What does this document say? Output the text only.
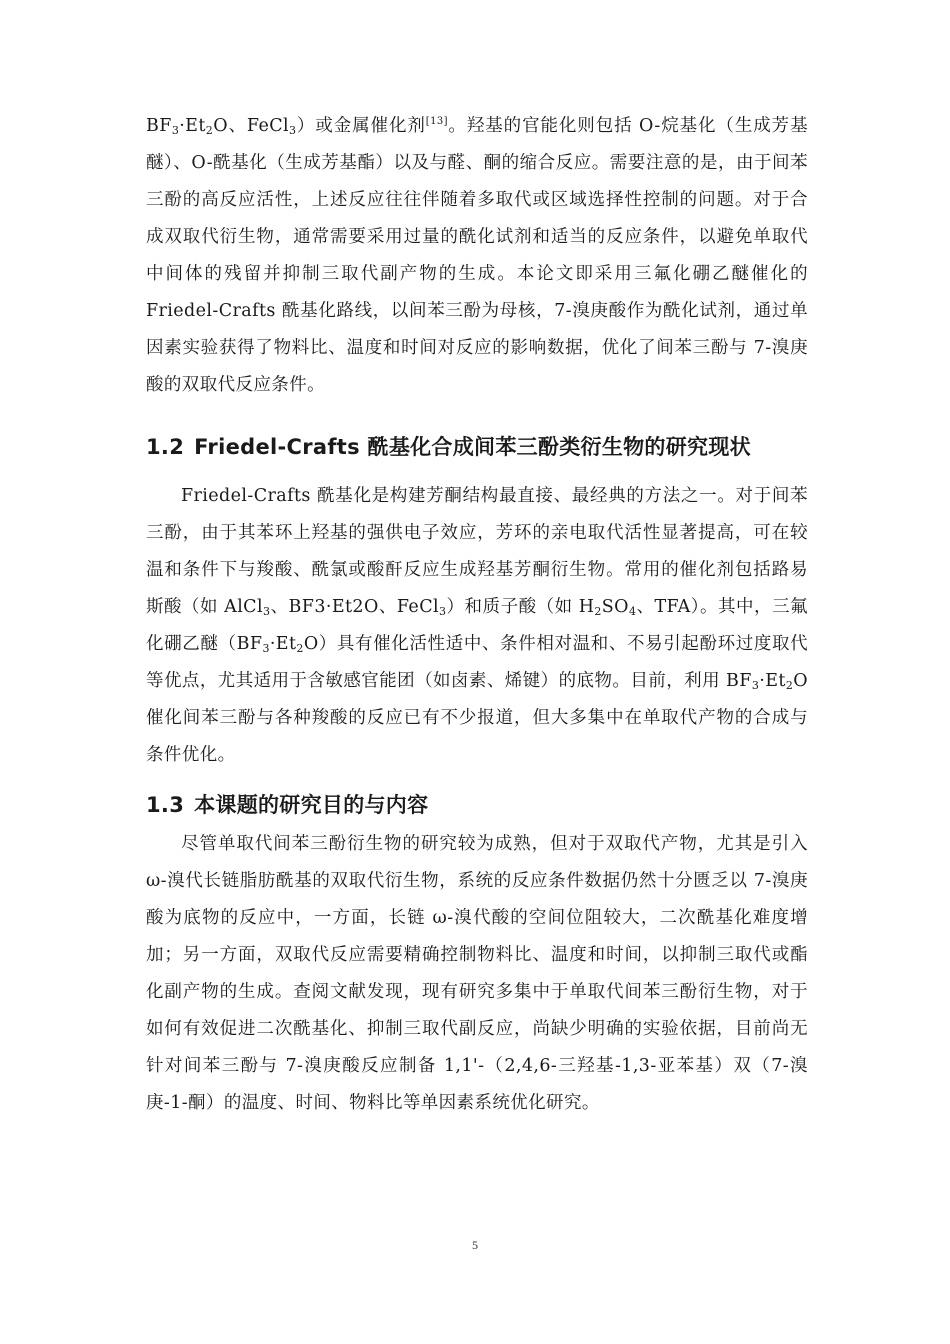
$BF_3\cdot Et_2O$、FeCl$_3$）或金属催化剂[13]。羟基的官能化则包括 O-烷基化（生成芳基醚）、O-酰基化（生成芳基酯）以及与醛、酮的缩合反应。需要注意的是，由于间苯三酚的高反应活性，上述反应往往伴随着多取代或区域选择性控制的问题。对于合成双取代衍生物，通常需要采用过量的酰化试剂和适当的反应条件，以避免单取代中间体的残留并抑制三取代副产物的生成。本论文即采用三氟化硼乙醚催化的 Friedel-Crafts 酰基化路线，以间苯三酚为母核，7-溴庚酸作为酰化试剂，通过单因素实验获得了物料比、温度和时间对反应的影响数据，优化了间苯三酚与 7-溴庚酸的双取代反应条件。

1.2 Friedel-Crafts 酰基化合成间苯三酚类衍生物的研究现状

Friedel-Crafts 酰基化是构建芳酮结构最直接、最经典的方法之一。对于间苯三酚，由于其苯环上羟基的强供电子效应，芳环的亲电取代活性显著提高，可在较温和条件下与羧酸、酰氯或酸酐反应生成羟基芳酮衍生物。常用的催化剂包括路易斯酸（如 AlCl$_3$、BF3·Et2O、FeCl$_3$）和质子酸（如 $H_2SO_4$、TFA）。其中，三氟化硼乙醚$(BF_3\cdot Et_2O)$具有催化活性适中、条件相对温和、不易引起酚环过度取代等优点，尤其适用于含敏感官能团（如卤素、烯键）的底物。目前，利用 $BF_3\cdot Et_2O$ 催化间苯三酚与各种羧酸的反应已有不少报道，但大多集中在单取代产物的合成与条件优化。

1.3 本课题的研究目的与内容

尽管单取代间苯三酚衍生物的研究较为成熟，但对于双取代产物，尤其是引入 ω-溴代长链脂肪酰基的双取代衍生物，系统的反应条件数据仍然十分匮乏以 7-溴庚酸为底物的反应中，一方面，长链 ω-溴代酸的空间位阻较大，二次酰基化难度增加；另一方面，双取代反应需要精确控制物料比、温度和时间，以抑制三取代或酯化副产物的生成。查阅文献发现，现有研究多集中于单取代间苯三酚衍生物，对于如何有效促进二次酰基化、抑制三取代副反应，尚缺少明确的实验依据，目前尚无针对间苯三酚与 7-溴庚酸反应制备 1,1'-（2,4,6-三羟基-1,3-亚苯基）双（7-溴庚-1-酮）的温度、时间、物料比等单因素系统优化研究。

5
